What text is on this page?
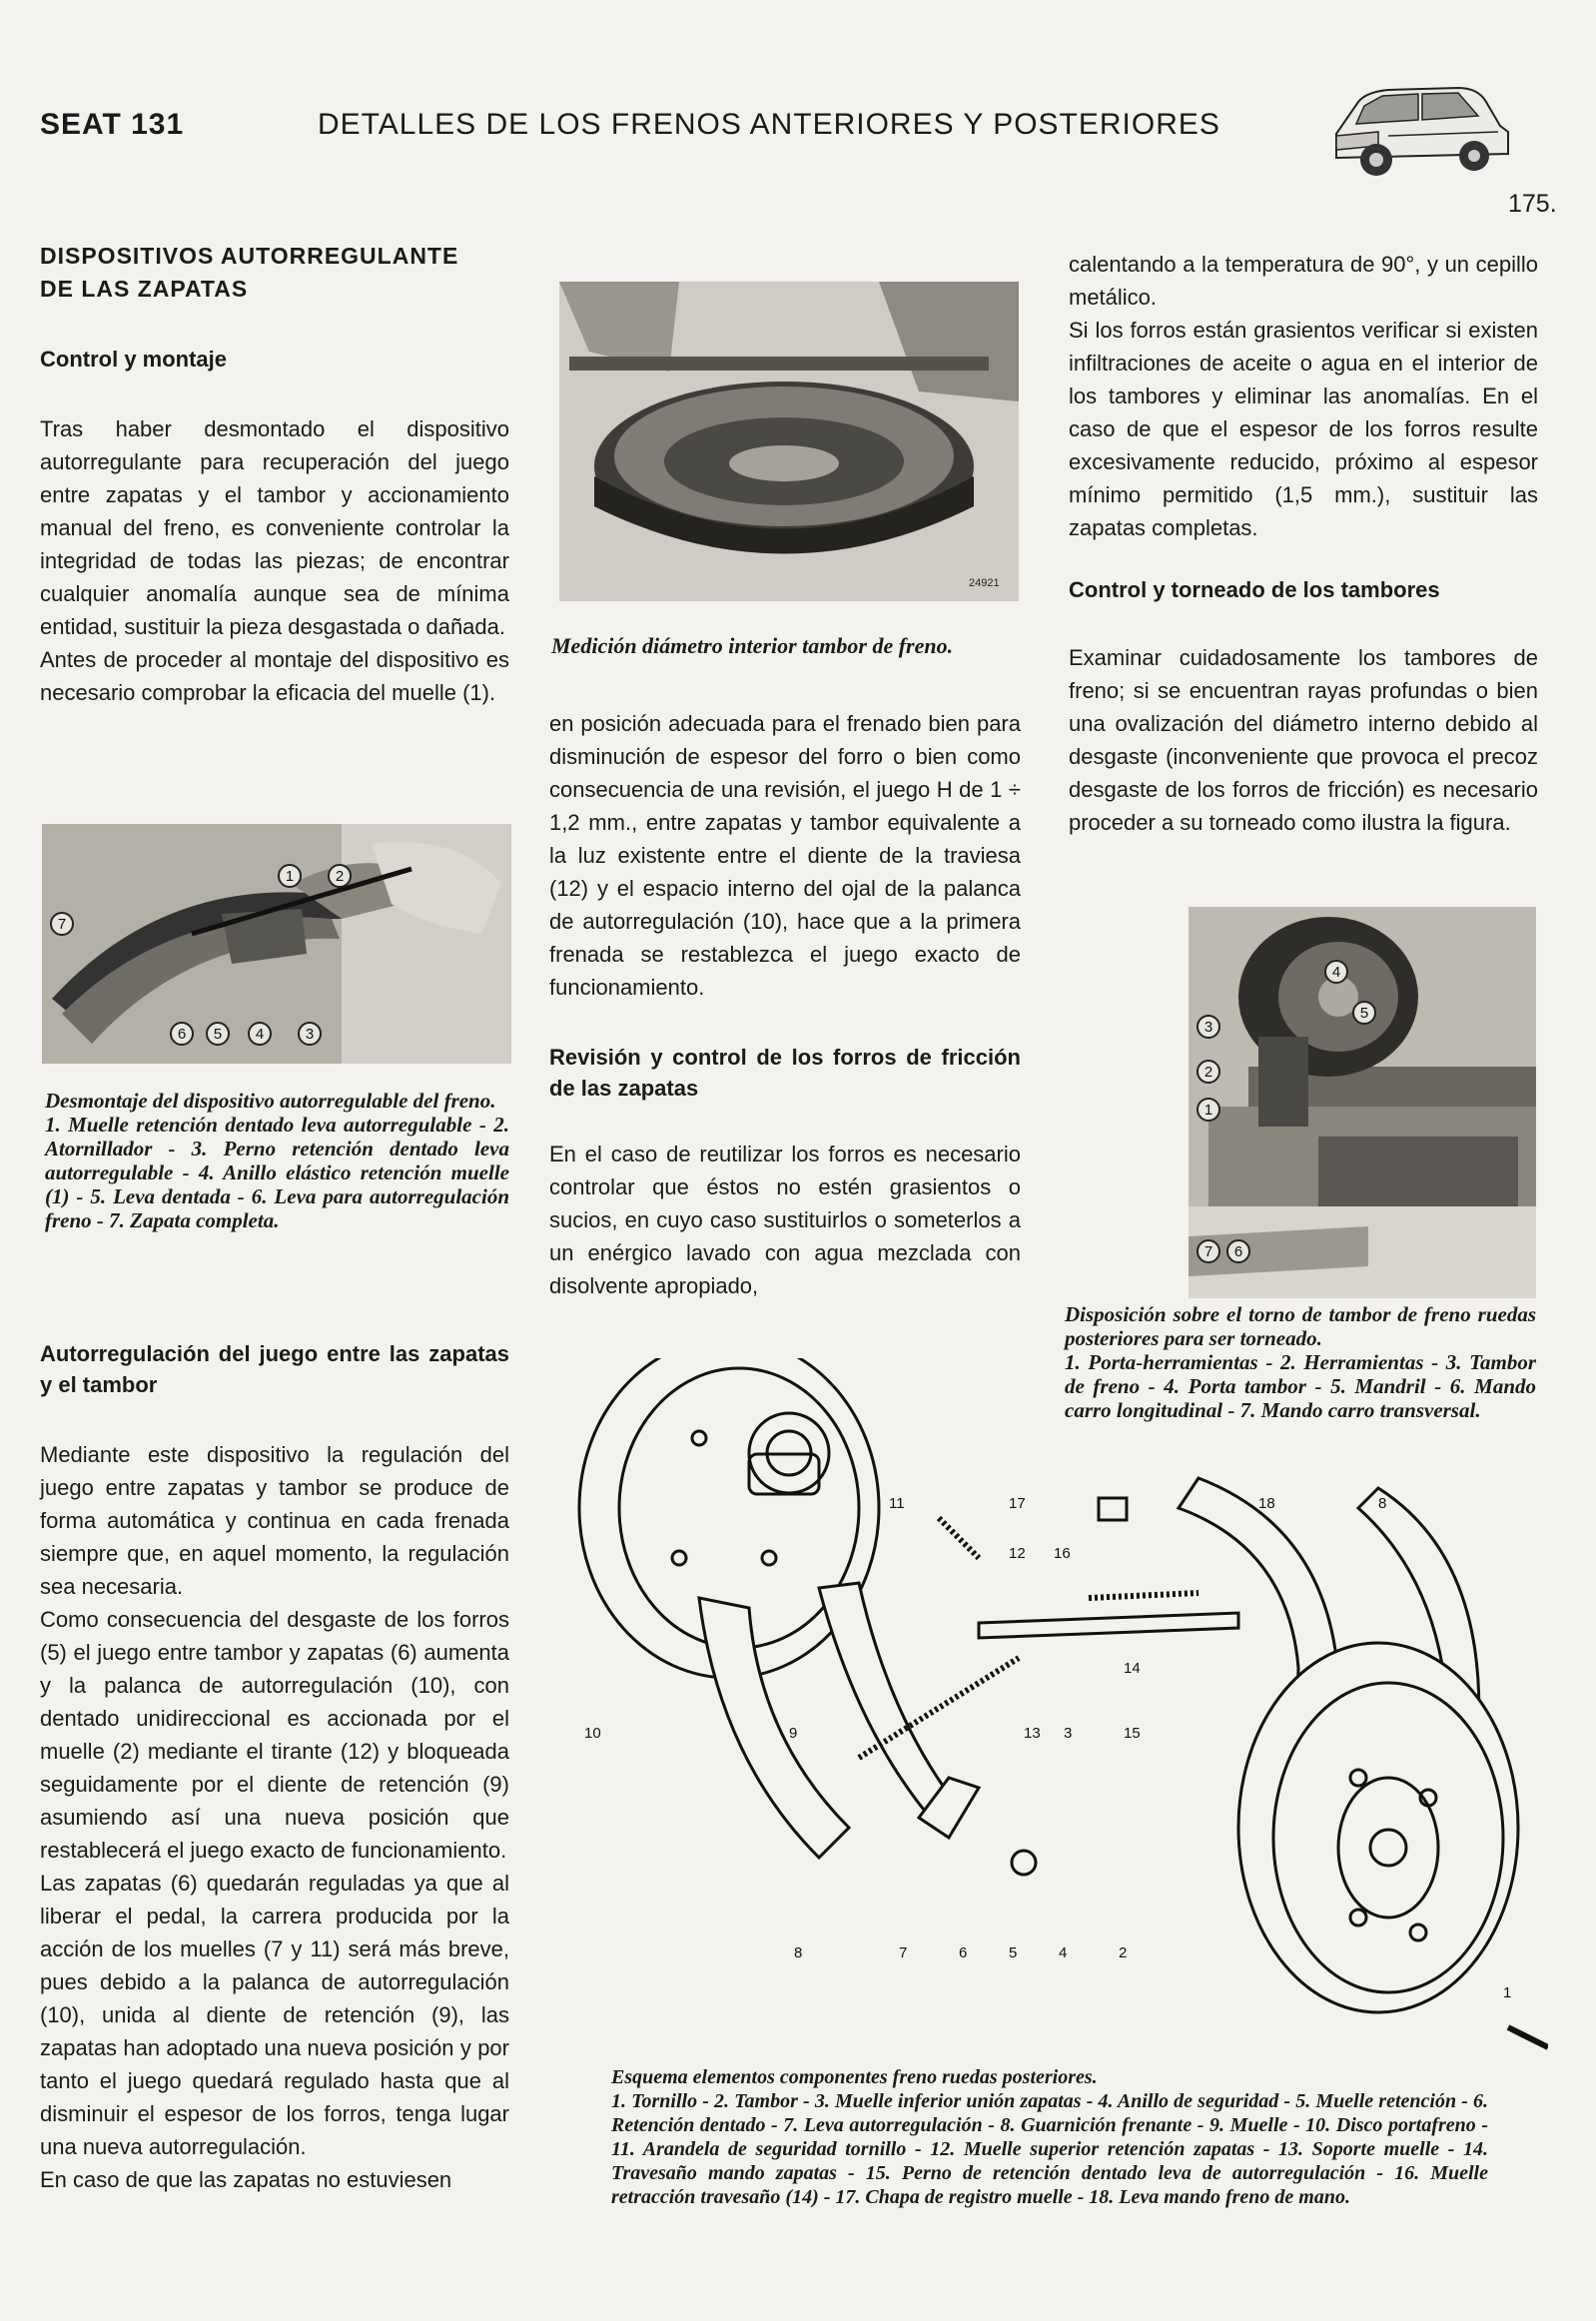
SEAT 131	DETALLES DE LOS FRENOS ANTERIORES Y POSTERIORES
175.

DISPOSITIVOS AUTORREGULANTE

DE LAS ZAPATAS

Control y montaje

Tras haber desmontado el dispositivo autorregulante para recuperación del juego entre zapatas y el tambor y accionamiento manual del freno, es conveniente controlar la integridad de todas las piezas; de encontrar cualquier anomalía aunque sea de mínima entidad, sustituir la pieza desgastada o dañada.

Antes de proceder al montaje del dispositivo es necesario comprobar la eficacia del muelle (1).

1	2
7
6 5 4	3

Desmontaje del dispositivo autorregulable del freno.

1. Muelle retención dentado leva autorregulable - 2. Atornillador - 3. Perno retención dentado leva autorregulable - 4. Anillo elástico retención muelle (1) - 5. Leva dentada - 6. Leva para autorregulación freno - 7. Zapata completa.

Autorregulación del juego entre las zapatas y el tambor

Mediante este dispositivo la regulación del juego entre zapatas y tambor se produce de forma automática y continua en cada frenada siempre que, en aquel momento, la regulación sea necesaria.

Como consecuencia del desgaste de los forros (5) el juego entre tambor y zapatas (6) aumenta y la palanca de autorregulación (10), con dentado unidireccional es accionada por el muelle (2) mediante el tirante (12) y bloqueada seguidamente por el diente de retención (9) asumiendo así una nueva posición que restablecerá el juego exacto de funcionamiento.

Las zapatas (6) quedarán reguladas ya que al liberar el pedal, la carrera producida por la acción de los muelles (7 y 11) será más breve, pues debido a la palanca de autorregulación (10), unida al diente de retención (9), las zapatas han adoptado una nueva posición y por tanto el juego quedará regulado hasta que al disminuir el espesor de los forros, tenga lugar una nueva autorregulación.

En caso de que las zapatas no estuviesen

24921
Medición diámetro interior tambor de freno.

en posición adecuada para el frenado bien para disminución de espesor del forro o bien como consecuencia de una revisión, el juego H de 1 ÷ 1,2 mm., entre zapatas y tambor equivalente a la luz existente entre el diente de la traviesa (12) y el espacio interno del ojal de la palanca de autorregulación (10), hace que a la primera frenada se restablezca el juego exacto de funcionamiento.

Revisión y control de los forros de fricción de las zapatas

En el caso de reutilizar los forros es necesario controlar que éstos no estén grasientos o sucios, en cuyo caso sustituirlos o someterlos a un enérgico lavado con agua mezclada con disolvente apropiado,

calentando a la temperatura de 90°, y un cepillo metálico.

Si los forros están grasientos verificar si existen infiltraciones de aceite o agua en el interior de los tambores y eliminar las anomalías. En el caso de que el espesor de los forros resulte excesivamente reducido, próximo al espesor mínimo permitido (1,5 mm.), sustituir las zapatas completas.

Control y torneado de los tambores

Examinar cuidadosamente los tambores de freno; si se encuentran rayas profundas o bien una ovalización del diámetro interno debido al desgaste (inconveniente que provoca el precoz desgaste de los forros de fricción) es necesario proceder a su torneado como ilustra la figura.

3
2
1
4
5
7 6

Disposición sobre el torno de tambor de freno ruedas posteriores para ser torneado.

1. Porta-herramientas - 2. Herramientas - 3. Tambor de freno - 4. Porta tambor - 5. Mandril - 6. Mando carro longitudinal - 7. Mando carro transversal.

11	17	18	8
12 16
14
10	9	13 3	15
8	7	6	5	4	2
1

Esquema elementos componentes freno ruedas posteriores.

1. Tornillo - 2. Tambor - 3. Muelle inferior unión zapatas - 4. Anillo de seguridad - 5. Muelle retención - 6. Retención dentado - 7. Leva autorregulación - 8. Guarnición frenante - 9. Muelle - 10. Disco portafreno - 11. Arandela de seguridad tornillo - 12. Muelle superior retención zapatas - 13. Soporte muelle - 14. Travesaño mando zapatas - 15. Perno de retención dentado leva de autorregulación - 16. Muelle retracción travesaño (14) - 17. Chapa de registro muelle - 18. Leva mando freno de mano.
